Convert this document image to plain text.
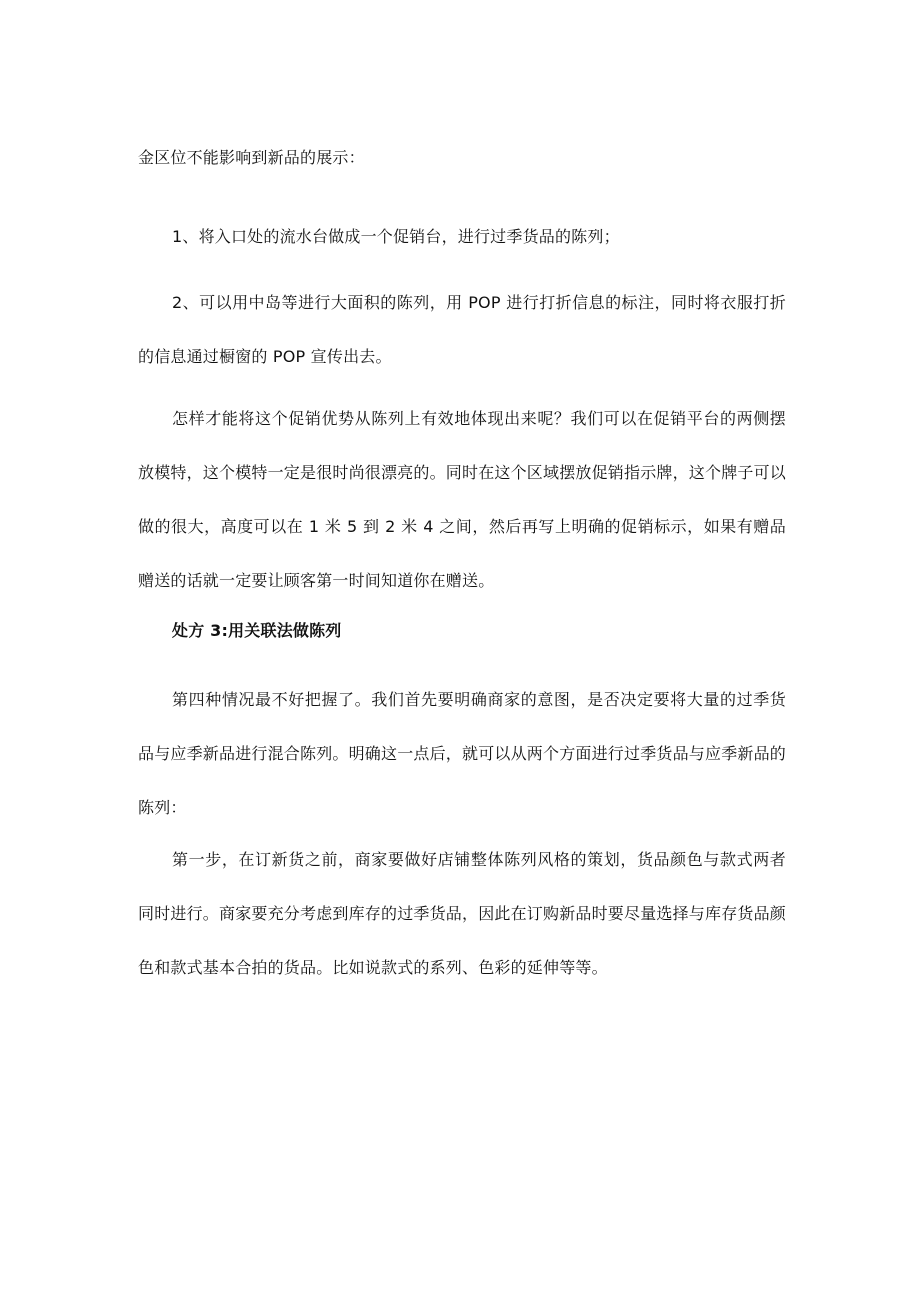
金区位不能影响到新品的展示：

1、将入口处的流水台做成一个促销台，进行过季货品的陈列；

2、可以用中岛等进行大面积的陈列，用 POP 进行打折信息的标注，同时将衣服打折的信息通过橱窗的 POP 宣传出去。

怎样才能将这个促销优势从陈列上有效地体现出来呢？我们可以在促销平台的两侧摆放模特，这个模特一定是很时尚很漂亮的。同时在这个区域摆放促销指示牌，这个牌子可以做的很大，高度可以在 1 米 5 到 2 米 4 之间，然后再写上明确的促销标示，如果有赠品赠送的话就一定要让顾客第一时间知道你在赠送。

处方 3:用关联法做陈列

第四种情况最不好把握了。我们首先要明确商家的意图，是否决定要将大量的过季货品与应季新品进行混合陈列。明确这一点后，就可以从两个方面进行过季货品与应季新品的陈列：

第一步，在订新货之前，商家要做好店铺整体陈列风格的策划，货品颜色与款式两者同时进行。商家要充分考虑到库存的过季货品，因此在订购新品时要尽量选择与库存货品颜色和款式基本合拍的货品。比如说款式的系列、色彩的延伸等等。
